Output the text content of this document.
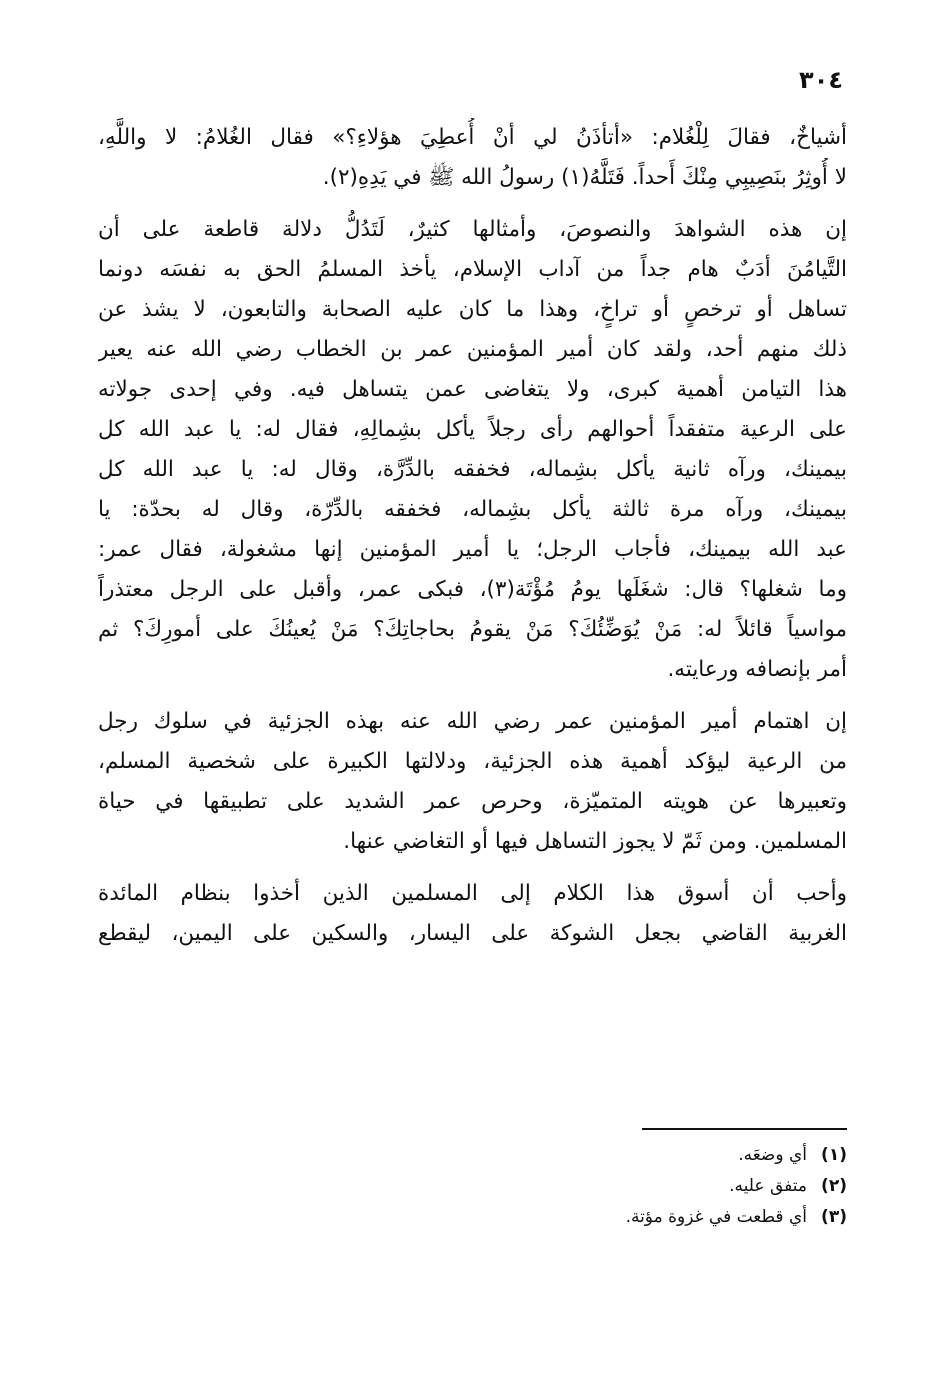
٣٠٤
أشياخٌ، فقالَ لِلْغُلام: «أتأذَنُ لي أنْ أُعطِيَ هؤلاءِ؟» فقال الغُلامُ: لا واللَّهِ،
لا أُوثِرُ بنَصِيبِي مِنْكَ أَحداً. فَتَلَّهُ(١) رسولُ الله ﷺ في يَدِهِ(٢).
إن هذه الشواهدَ والنصوصَ، وأمثالها كثيرٌ، لَتَدُلُّ دلالة قاطعة على أن
التَّيامُنَ أدَبٌ هام جداً من آداب الإسلام، يأخذ المسلمُ الحق به نفسَه دونما
تساهل أو ترخصٍ أو تراخٍ، وهذا ما كان عليه الصحابة والتابعون، لا يشذ عن
ذلك منهم أحد، ولقد كان أمير المؤمنين عمر بن الخطاب رضي الله عنه يعير
هذا التيامن أهمية كبرى، ولا يتغاضى عمن يتساهل فيه. وفي إحدى جولاته
على الرعية متفقداً أحوالهم رأى رجلاً يأكل بشِمالِهِ، فقال له: يا عبد الله كل
بيمينك، ورآه ثانية يأكل بشِماله، فخفقه بالدِّرَّة، وقال له: يا عبد الله كل
بيمينك، ورآه مرة ثالثة يأكل بشِماله، فخفقه بالدِّرّة، وقال له بحدّة: يا
عبد الله بيمينك، فأجاب الرجل؛ يا أمير المؤمنين إنها مشغولة، فقال عمر:
وما شغلها؟ قال: شغَلَها يومُ مُؤْتَة(٣)، فبكى عمر، وأقبل على الرجل معتذراً
مواسياً قائلاً له: مَنْ يُوَضِّئُكَ؟ مَنْ يقومُ بحاجاتِكَ؟ مَنْ يُعينُكَ على أمورِكَ؟ ثم
أمر بإنصافه ورعايته.
إن اهتمام أمير المؤمنين عمر رضي الله عنه بهذه الجزئية في سلوك رجل
من الرعية ليؤكد أهمية هذه الجزئية، ودلالتها الكبيرة على شخصية المسلم،
وتعبيرها عن هويته المتميّزة، وحرص عمر الشديد على تطبيقها في حياة
المسلمين. ومن ثَمّ لا يجوز التساهل فيها أو التغاضي عنها.
وأحب أن أسوق هذا الكلام إلى المسلمين الذين أخذوا بنظام المائدة
الغربية القاضي بجعل الشوكة على اليسار، والسكين على اليمين، ليقطع
(١)
أي وضعَه.
(٢)
متفق عليه.
(٣)
أي قطعت في غزوة مؤتة.
